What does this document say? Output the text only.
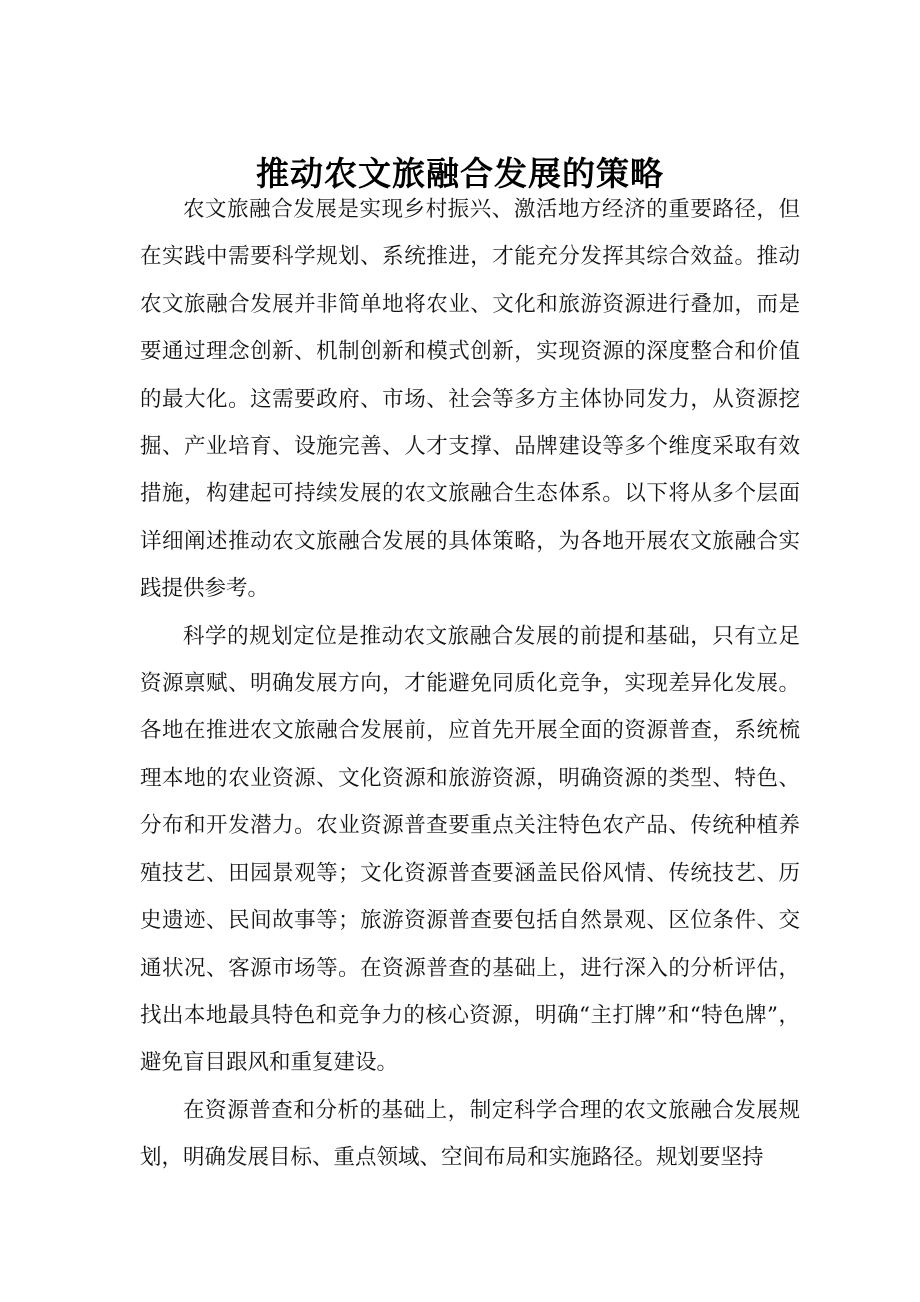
推动农文旅融合发展的策略

农文旅融合发展是实现乡村振兴、激活地方经济的重要路径，但在实践中需要科学规划、系统推进，才能充分发挥其综合效益。推动农文旅融合发展并非简单地将农业、文化和旅游资源进行叠加，而是要通过理念创新、机制创新和模式创新，实现资源的深度整合和价值的最大化。这需要政府、市场、社会等多方主体协同发力，从资源挖掘、产业培育、设施完善、人才支撑、品牌建设等多个维度采取有效措施，构建起可持续发展的农文旅融合生态体系。以下将从多个层面详细阐述推动农文旅融合发展的具体策略，为各地开展农文旅融合实践提供参考。

科学的规划定位是推动农文旅融合发展的前提和基础，只有立足资源禀赋、明确发展方向，才能避免同质化竞争，实现差异化发展。各地在推进农文旅融合发展前，应首先开展全面的资源普查，系统梳理本地的农业资源、文化资源和旅游资源，明确资源的类型、特色、分布和开发潜力。农业资源普查要重点关注特色农产品、传统种植养殖技艺、田园景观等；文化资源普查要涵盖民俗风情、传统技艺、历史遗迹、民间故事等；旅游资源普查要包括自然景观、区位条件、交通状况、客源市场等。在资源普查的基础上，进行深入的分析评估，找出本地最具特色和竞争力的核心资源，明确“主打牌”和“特色牌”，避免盲目跟风和重复建设。

在资源普查和分析的基础上，制定科学合理的农文旅融合发展规划，明确发展目标、重点领域、空间布局和实施路径。规划要坚持
